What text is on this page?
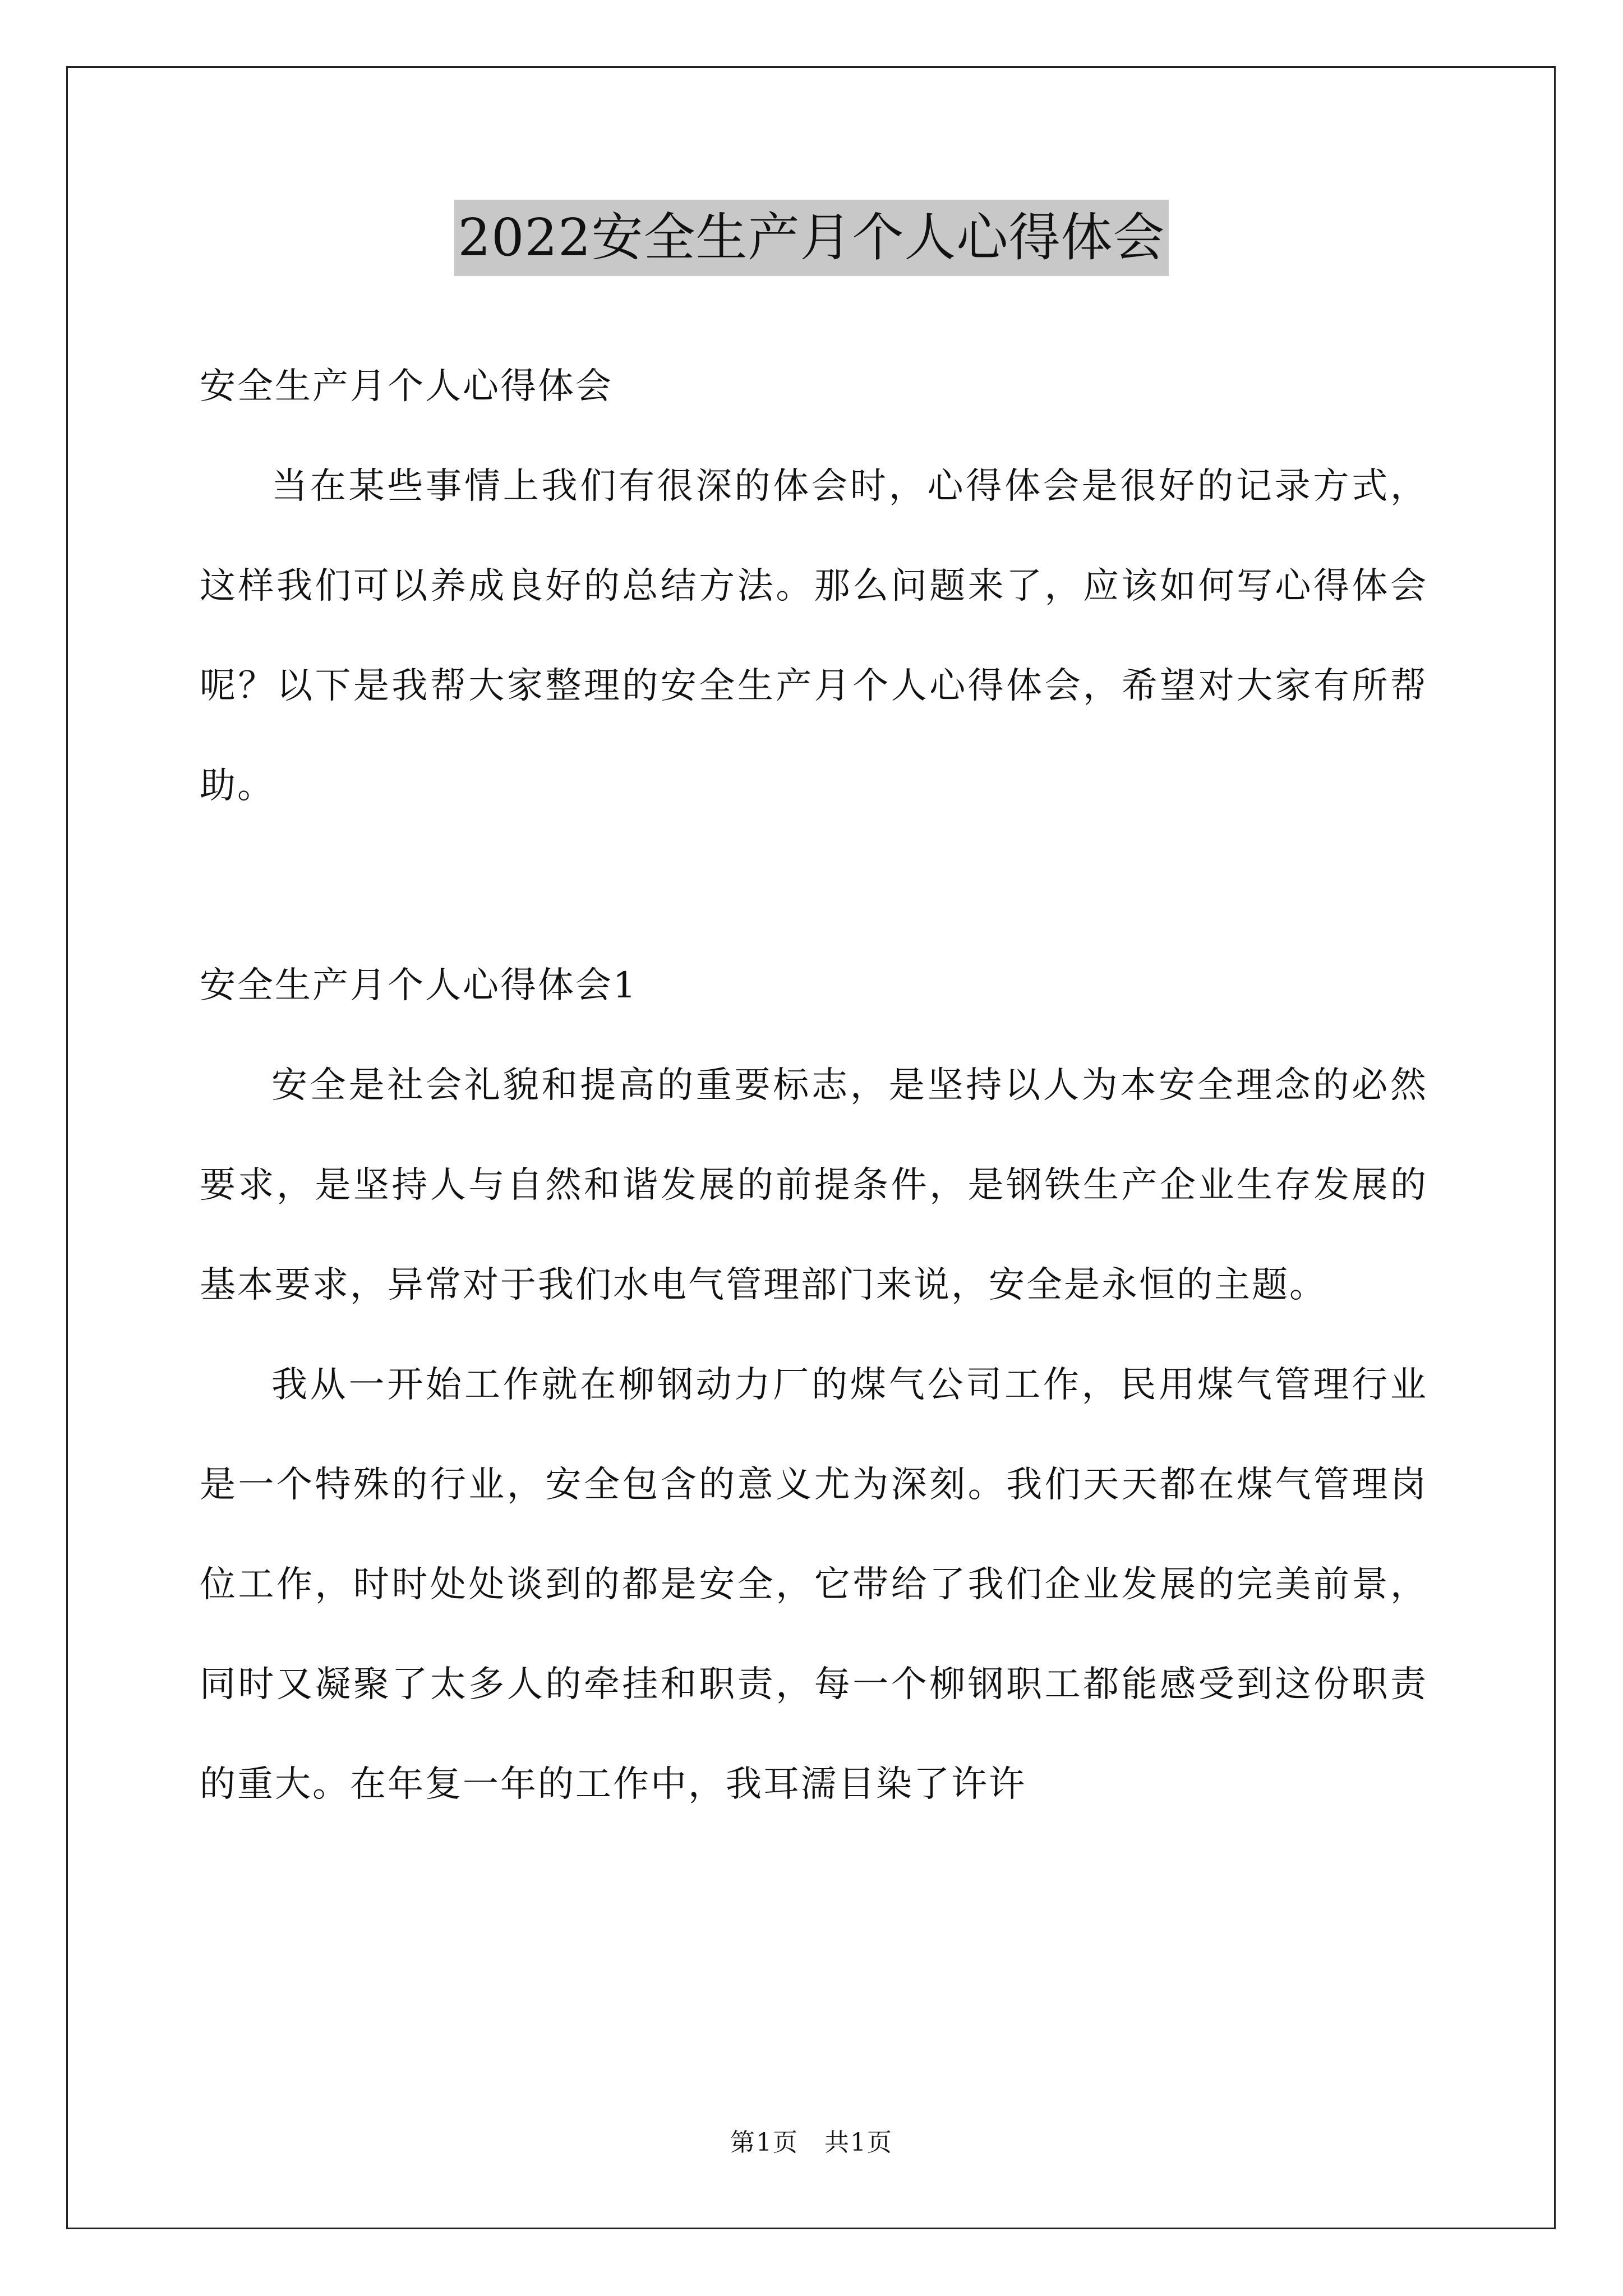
2022安全生产月个人心得体会

安全生产月个人心得体会

当在某些事情上我们有很深的体会时，心得体会是很好的记录方式，这样我们可以养成良好的总结方法。那么问题来了，应该如何写心得体会呢？以下是我帮大家整理的安全生产月个人心得体会，希望对大家有所帮助。

安全生产月个人心得体会1

安全是社会礼貌和提高的重要标志，是坚持以人为本安全理念的必然要求，是坚持人与自然和谐发展的前提条件，是钢铁生产企业生存发展的基本要求，异常对于我们水电气管理部门来说，安全是永恒的主题。

我从一开始工作就在柳钢动力厂的煤气公司工作，民用煤气管理行业是一个特殊的行业，安全包含的意义尤为深刻。我们天天都在煤气管理岗位工作，时时处处谈到的都是安全，它带给了我们企业发展的完美前景，同时又凝聚了太多人的牵挂和职责，每一个柳钢职工都能感受到这份职责的重大。在年复一年的工作中，我耳濡目染了许许

第1页　共1页
